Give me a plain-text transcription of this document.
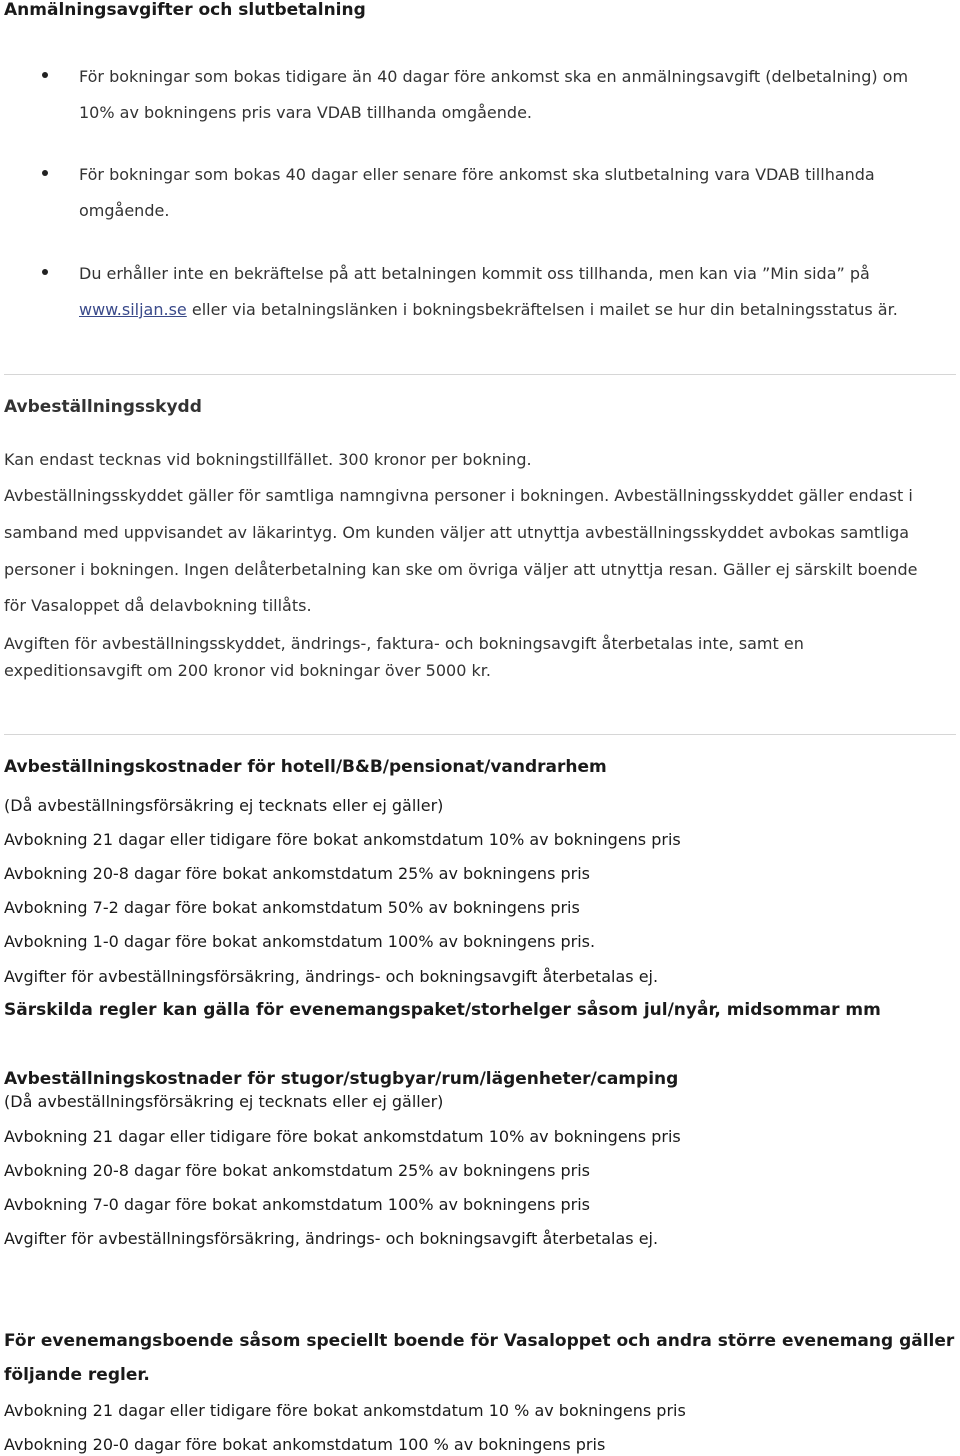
Anmälningsavgifter och slutbetalning
För bokningar som bokas tidigare än 40 dagar före ankomst ska en anmälningsavgift (delbetalning) om
10% av bokningens pris vara VDAB tillhanda omgående.
För bokningar som bokas 40 dagar eller senare före ankomst ska slutbetalning vara VDAB tillhanda
omgående.
Du erhåller inte en bekräftelse på att betalningen kommit oss tillhanda, men kan via ”Min sida” på
www.siljan.se eller via betalningslänken i bokningsbekräftelsen i mailet se hur din betalningsstatus är.
Avbeställningsskydd
Kan endast tecknas vid bokningstillfället. 300 kronor per bokning.
Avbeställningsskyddet gäller för samtliga namngivna personer i bokningen. Avbeställningsskyddet gäller endast i
samband med uppvisandet av läkarintyg. Om kunden väljer att utnyttja avbeställningsskyddet avbokas samtliga
personer i bokningen. Ingen delåterbetalning kan ske om övriga väljer att utnyttja resan. Gäller ej särskilt boende
för Vasaloppet då delavbokning tillåts.
Avgiften för avbeställningsskyddet, ändrings-, faktura- och bokningsavgift återbetalas inte, samt en
expeditionsavgift om 200 kronor vid bokningar över 5000 kr.
Avbeställningskostnader för hotell/B&B/pensionat/vandrarhem
(Då avbeställningsförsäkring ej tecknats eller ej gäller)
Avbokning 21 dagar eller tidigare före bokat ankomstdatum 10% av bokningens pris
Avbokning 20-8 dagar före bokat ankomstdatum 25% av bokningens pris
Avbokning 7-2 dagar före bokat ankomstdatum 50% av bokningens pris
Avbokning 1-0 dagar före bokat ankomstdatum 100% av bokningens pris.
Avgifter för avbeställningsförsäkring, ändrings- och bokningsavgift återbetalas ej.
Särskilda regler kan gälla för evenemangspaket/storhelger såsom jul/nyår, midsommar mm
Avbeställningskostnader för stugor/stugbyar/rum/lägenheter/camping
(Då avbeställningsförsäkring ej tecknats eller ej gäller)
Avbokning 21 dagar eller tidigare före bokat ankomstdatum 10% av bokningens pris
Avbokning 20-8 dagar före bokat ankomstdatum 25% av bokningens pris
Avbokning 7-0 dagar före bokat ankomstdatum 100% av bokningens pris
Avgifter för avbeställningsförsäkring, ändrings- och bokningsavgift återbetalas ej.
För evenemangsboende såsom speciellt boende för Vasaloppet och andra större evenemang gäller
följande regler.
Avbokning 21 dagar eller tidigare före bokat ankomstdatum 10 % av bokningens pris
Avbokning 20-0 dagar före bokat ankomstdatum 100 % av bokningens pris
